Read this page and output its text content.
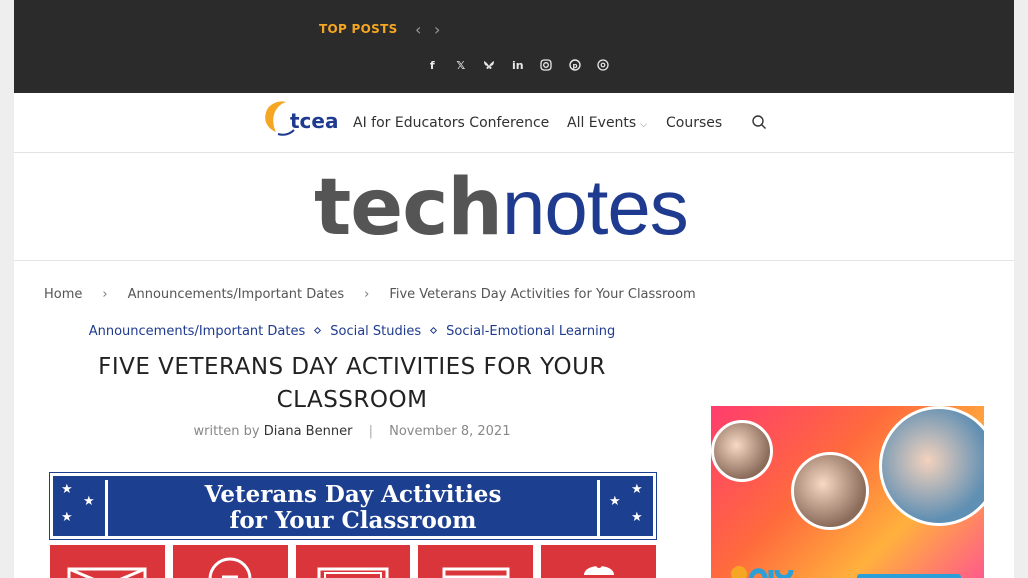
TOP POSTS ‹ ›
f	𝕏	in	p
tcea AI for Educators Conference All Events ⌵ Courses
technotes
Home › Announcements/Important Dates › Five Veterans Day Activities for Your Classroom
Announcements/Important Dates Social Studies Social-Emotional Learning
FIVE VETERANS DAY ACTIVITIES FOR YOUR CLASSROOM
written by Diana Benner | November 8, 2021
★
★
★
★
★
★
Veterans Day Activities
for Your Classroom
